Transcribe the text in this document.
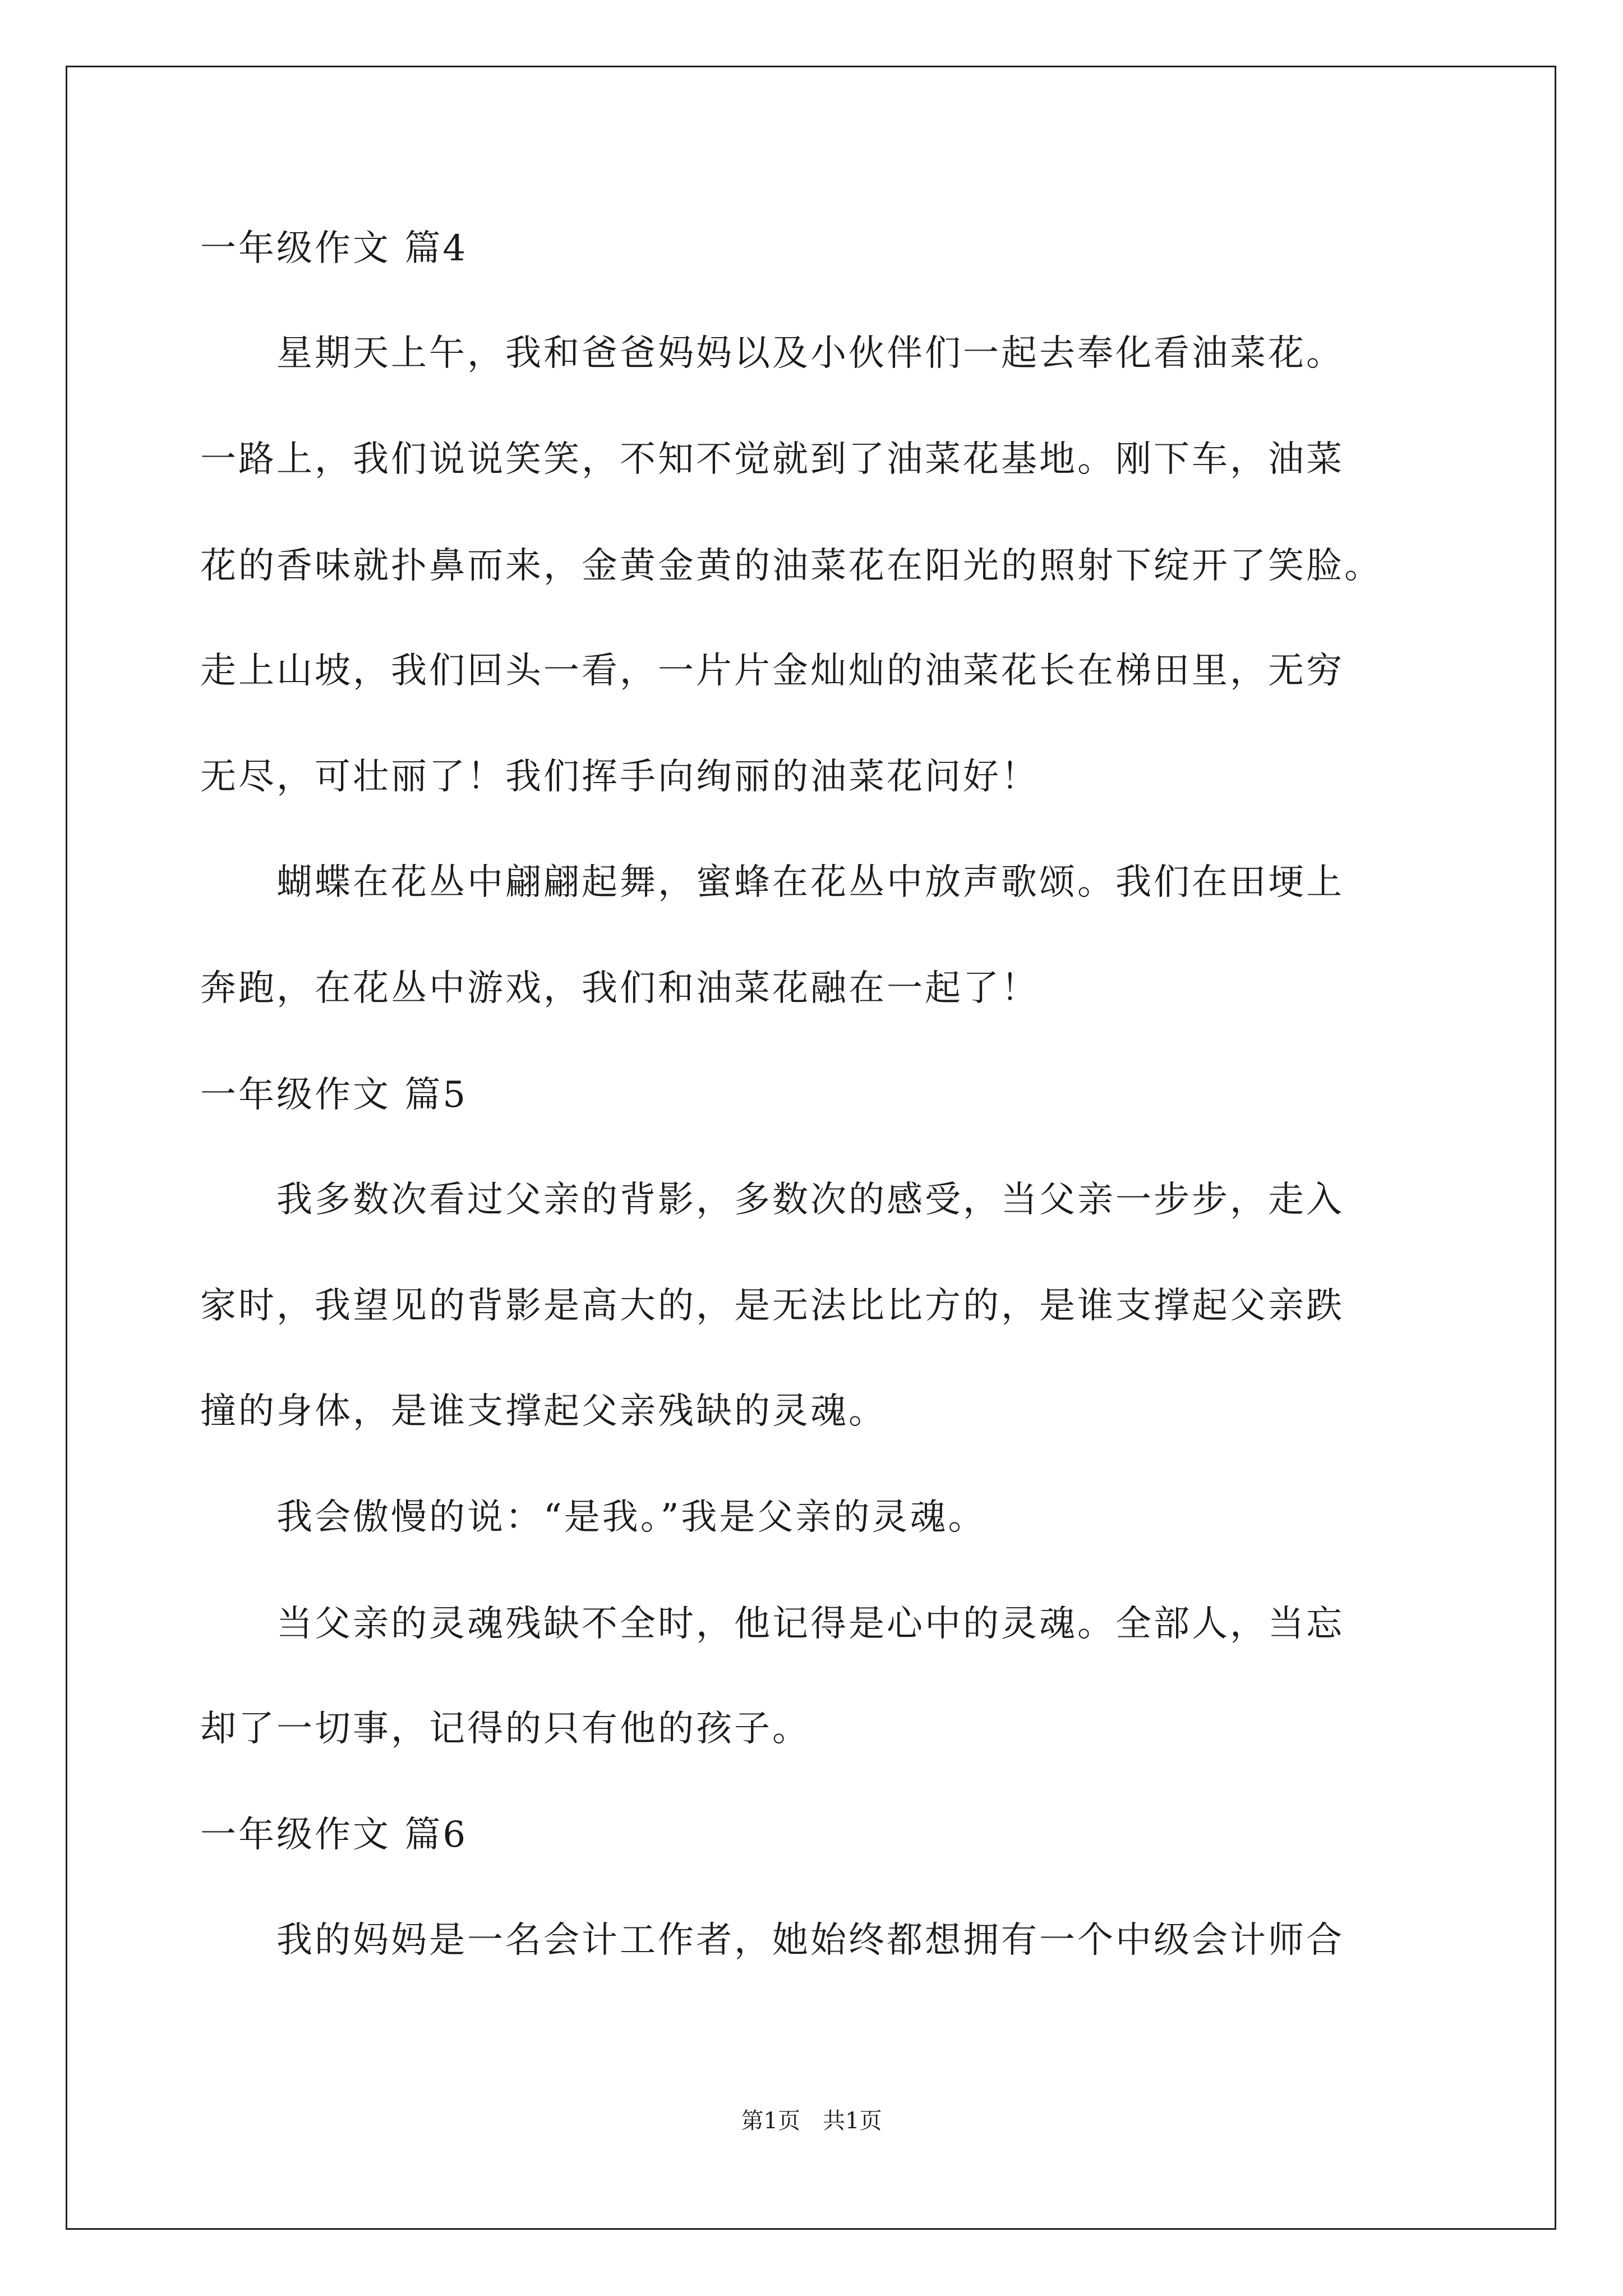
一年级作文 篇4
　　星期天上午，我和爸爸妈妈以及小伙伴们一起去奉化看油菜花。
一路上，我们说说笑笑，不知不觉就到了油菜花基地。刚下车，油菜
花的香味就扑鼻而来，金黄金黄的油菜花在阳光的照射下绽开了笑脸。
走上山坡，我们回头一看，一片片金灿灿的油菜花长在梯田里，无穷
无尽，可壮丽了！我们挥手向绚丽的油菜花问好！
　　蝴蝶在花丛中翩翩起舞，蜜蜂在花丛中放声歌颂。我们在田埂上
奔跑，在花丛中游戏，我们和油菜花融在一起了！
一年级作文 篇5
　　我多数次看过父亲的背影，多数次的感受，当父亲一步步，走入
家时，我望见的背影是高大的，是无法比比方的，是谁支撑起父亲跌
撞的身体，是谁支撑起父亲残缺的灵魂。
　　我会傲慢的说：“是我。”我是父亲的灵魂。
　　当父亲的灵魂残缺不全时，他记得是心中的灵魂。全部人，当忘
却了一切事，记得的只有他的孩子。
一年级作文 篇6
　　我的妈妈是一名会计工作者，她始终都想拥有一个中级会计师合
第1页　共1页
